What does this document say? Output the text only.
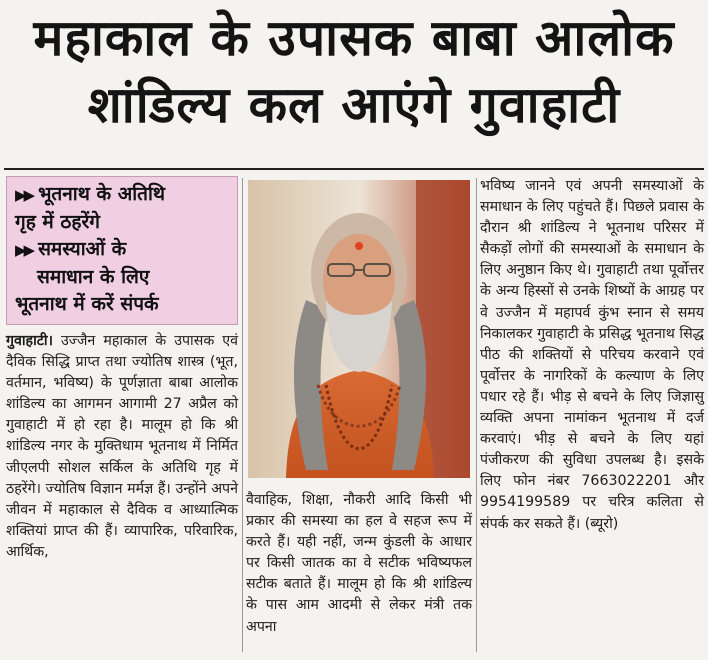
महाकाल के उपासक बाबा आलोक
शांडिल्य कल आएंगे गुवाहाटी
▶▶ भूतनाथ के अतिथि
गृह में ठहरेंगे
▶▶ समस्याओं के
समाधान के लिए
भूतनाथ में करें संपर्क

गुवाहाटी। उज्जैन महाकाल के उपासक एवं दैविक सिद्धि प्राप्त तथा ज्योतिष शास्त्र (भूत, वर्तमान, भविष्य) के पूर्णज्ञाता बाबा आलोक शांडिल्य का आगमन आगामी 27 अप्रैल को गुवाहाटी में हो रहा है। मालूम हो कि श्री शांडिल्य नगर के मुक्तिधाम भूतनाथ में निर्मित जीएलपी सोशल सर्किल के अतिथि गृह में ठहरेंगे। ज्योतिष विज्ञान मर्मज्ञ हैं। उन्होंने अपने जीवन में महाकाल से दैविक व आध्यात्मिक शक्तियां प्राप्त की हैं। व्यापारिक, परिवारिक, आर्थिक,

वैवाहिक, शिक्षा, नौकरी आदि किसी भी प्रकार की समस्या का हल वे सहज रूप में करते हैं। यही नहीं, जन्म कुंडली के आधार पर किसी जातक का वे सटीक भविष्यफल सटीक बताते हैं। मालूम हो कि श्री शांडिल्य के पास आम आदमी से लेकर मंत्री तक अपना

भविष्य जानने एवं अपनी समस्याओं के समाधान के लिए पहुंचते हैं। पिछले प्रवास के दौरान श्री शांडिल्य ने भूतनाथ परिसर में सैकड़ों लोगों की समस्याओं के समाधान के लिए अनुष्ठान किए थे। गुवाहाटी तथा पूर्वोत्तर के अन्य हिस्सों से उनके शिष्यों के आग्रह पर वे उज्जैन में महापर्व कुंभ स्नान से समय निकालकर गुवाहाटी के प्रसिद्ध भूतनाथ सिद्ध पीठ की शक्तियों से परिचय करवाने एवं पूर्वोत्तर के नागरिकों के कल्याण के लिए पधार रहे हैं। भीड़ से बचने के लिए जिज्ञासु व्यक्ति अपना नामांकन भूतनाथ में दर्ज करवाएं। भीड़ से बचने के लिए यहां पंजीकरण की सुविधा उपलब्ध है। इसके लिए फोन नंबर 7663022201 और 9954199589 पर चरित्र कलिता से संपर्क कर सकते हैं। (ब्यूरो)
